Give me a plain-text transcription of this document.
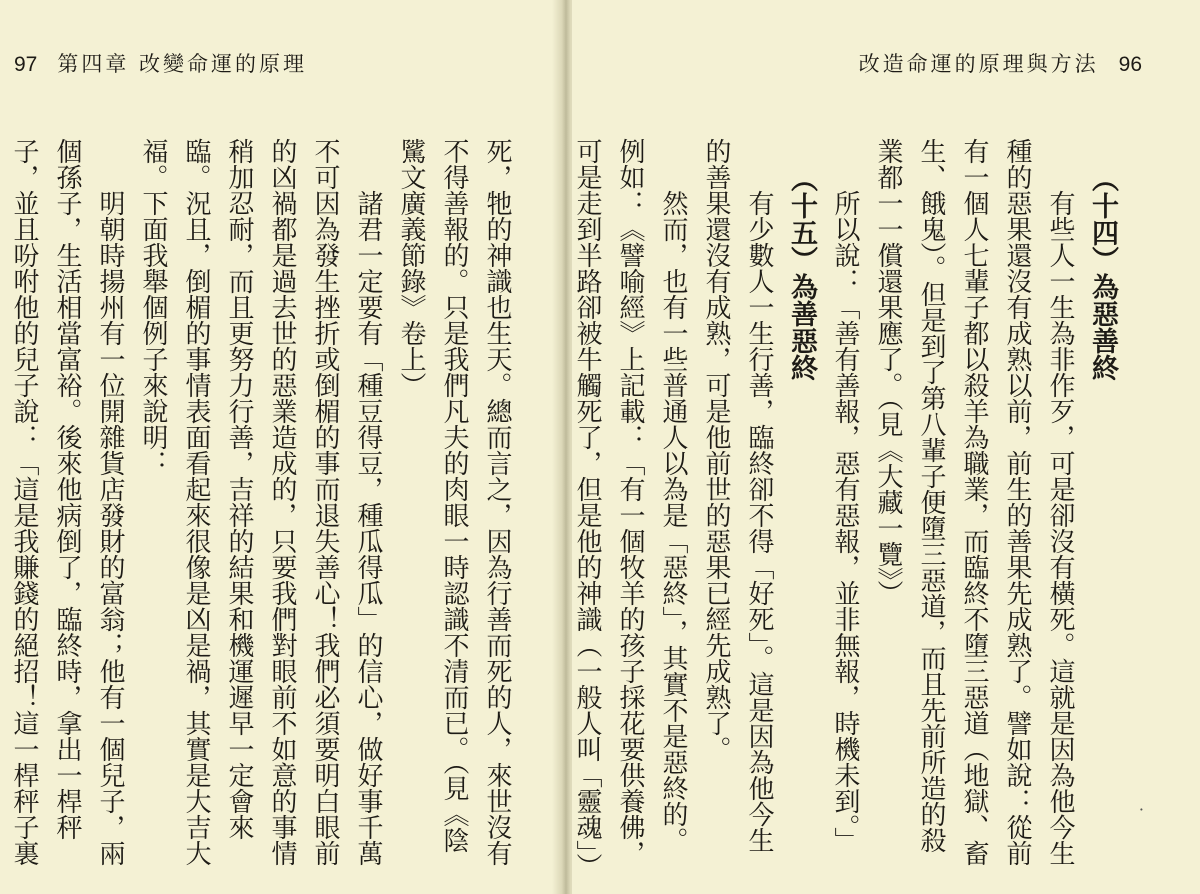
97 第四章 改變命運的原理

死，牠的神識也生天。總而言之，因為行善而死的人，來世沒有不得善報的。只是我們凡夫的肉眼一時認識不清而已。（見《陰騭文廣義節錄》卷上）

諸君一定要有「種豆得豆，種瓜得瓜」的信心，做好事千萬不可因為發生挫折或倒楣的事而退失善心！我們必須要明白眼前的凶禍都是過去世的惡業造成的，只要我們對眼前不如意的事情稍加忍耐，而且更努力行善，吉祥的結果和機運遲早一定會來臨。況且，倒楣的事情表面看起來很像是凶是禍，其實是大吉大福。下面我舉個例子來說明：

明朝時揚州有一位開雜貨店發財的富翁；他有一個兒子，兩個孫子，生活相當富裕。後來他病倒了，臨終時，拿出一桿秤子，並且吩咐他的兒子說：「這是我賺錢的絕招！這一桿秤子裏

改造命運的原理與方法 96
（十四）為惡善終

有些人一生為非作歹，可是卻沒有橫死。這就是因為他今生種的惡果還沒有成熟以前，前生的善果先成熟了。譬如說：從前有一個人七輩子都以殺羊為職業，而臨終不墮三惡道（地獄、畜生、餓鬼）。但是到了第八輩子便墮三惡道，而且先前所造的殺業都一一償還果應了。（見《大藏一覽》）

所以說：「善有善報，惡有惡報，並非無報，時機未到。」

（十五）為善惡終

有少數人一生行善，臨終卻不得「好死」。這是因為他今生的善果還沒有成熟，可是他前世的惡果已經先成熟了。

然而，也有一些普通人以為是「惡終」，其實不是惡終的。例如：《譬喻經》上記載：「有一個牧羊的孩子採花要供養佛，可是走到半路卻被牛觸死了，但是他的神識（一般人叫「靈魂」）

·
